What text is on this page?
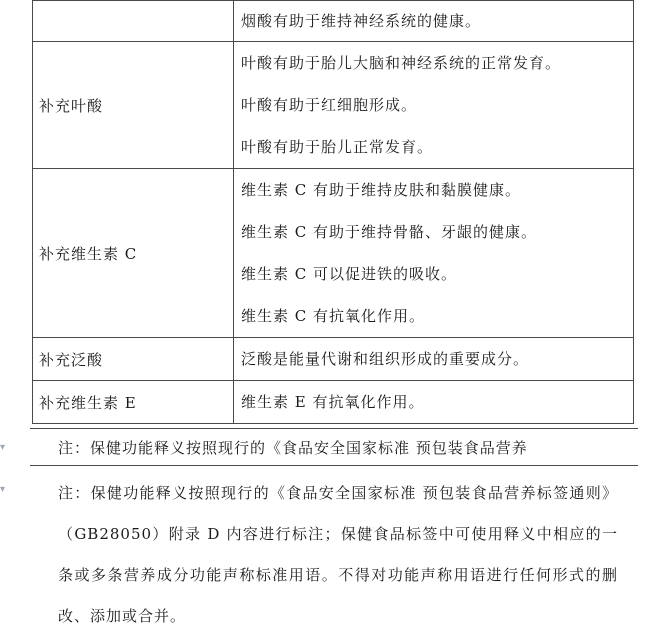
	烟酸有助于维持神经系统的健康。

补充叶酸	叶酸有助于胎儿大脑和神经系统的正常发育。
叶酸有助于红细胞形成。
叶酸有助于胎儿正常发育。

补充维生素 C	维生素 C 有助于维持皮肤和黏膜健康。
维生素 C 有助于维持骨骼、牙龈的健康。
维生素 C 可以促进铁的吸收。
维生素 C 有抗氧化作用。

补充泛酸	泛酸是能量代谢和组织形成的重要成分。

补充维生素 E	维生素 E 有抗氧化作用。
▾
▾
注：保健功能释义按照现行的《食品安全国家标准 预包装食品营养
注：保健功能释义按照现行的《食品安全国家标准 预包装食品营养标签通则》（GB28050）附录 D 内容进行标注；保健食品标签中可使用释义中相应的一条或多条营养成分功能声称标准用语。不得对功能声称用语进行任何形式的删改、添加或合并。
